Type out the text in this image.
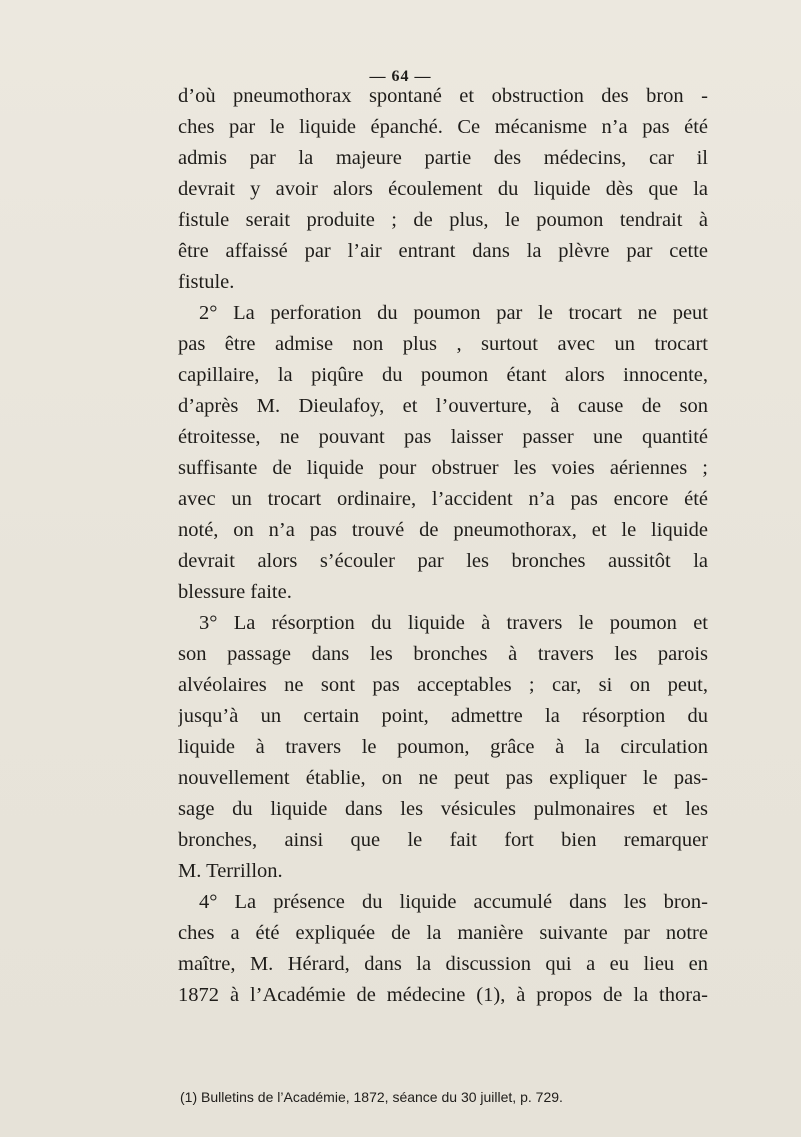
— 64 —
d’où pneumothorax spontané et obstruction des bron -
ches par le liquide épanché. Ce mécanisme n’a pas été
admis par la majeure partie des médecins, car il
devrait y avoir alors écoulement du liquide dès que la
fistule serait produite ; de plus, le poumon tendrait à
être affaissé par l’air entrant dans la plèvre par cette
fistule.
2° La perforation du poumon par le trocart ne peut
pas être admise non plus , surtout avec un trocart
capillaire, la piqûre du poumon étant alors innocente,
d’après M. Dieulafoy, et l’ouverture, à cause de son
étroitesse, ne pouvant pas laisser passer une quantité
suffisante de liquide pour obstruer les voies aériennes ;
avec un trocart ordinaire, l’accident n’a pas encore été
noté, on n’a pas trouvé de pneumothorax, et le liquide
devrait alors s’écouler par les bronches aussitôt la
blessure faite.
3° La résorption du liquide à travers le poumon et
son passage dans les bronches à travers les parois
alvéolaires ne sont pas acceptables ; car, si on peut,
jusqu’à un certain point, admettre la résorption du
liquide à travers le poumon, grâce à la circulation
nouvellement établie, on ne peut pas expliquer le pas-
sage du liquide dans les vésicules pulmonaires et les
bronches, ainsi que le fait fort bien remarquer
M. Terrillon.
4° La présence du liquide accumulé dans les bron-
ches a été expliquée de la manière suivante par notre
maître, M. Hérard, dans la discussion qui a eu lieu en
1872 à l’Académie de médecine (1), à propos de la thora-
(1) Bulletins de l’Académie, 1872, séance du 30 juillet, p. 729.
